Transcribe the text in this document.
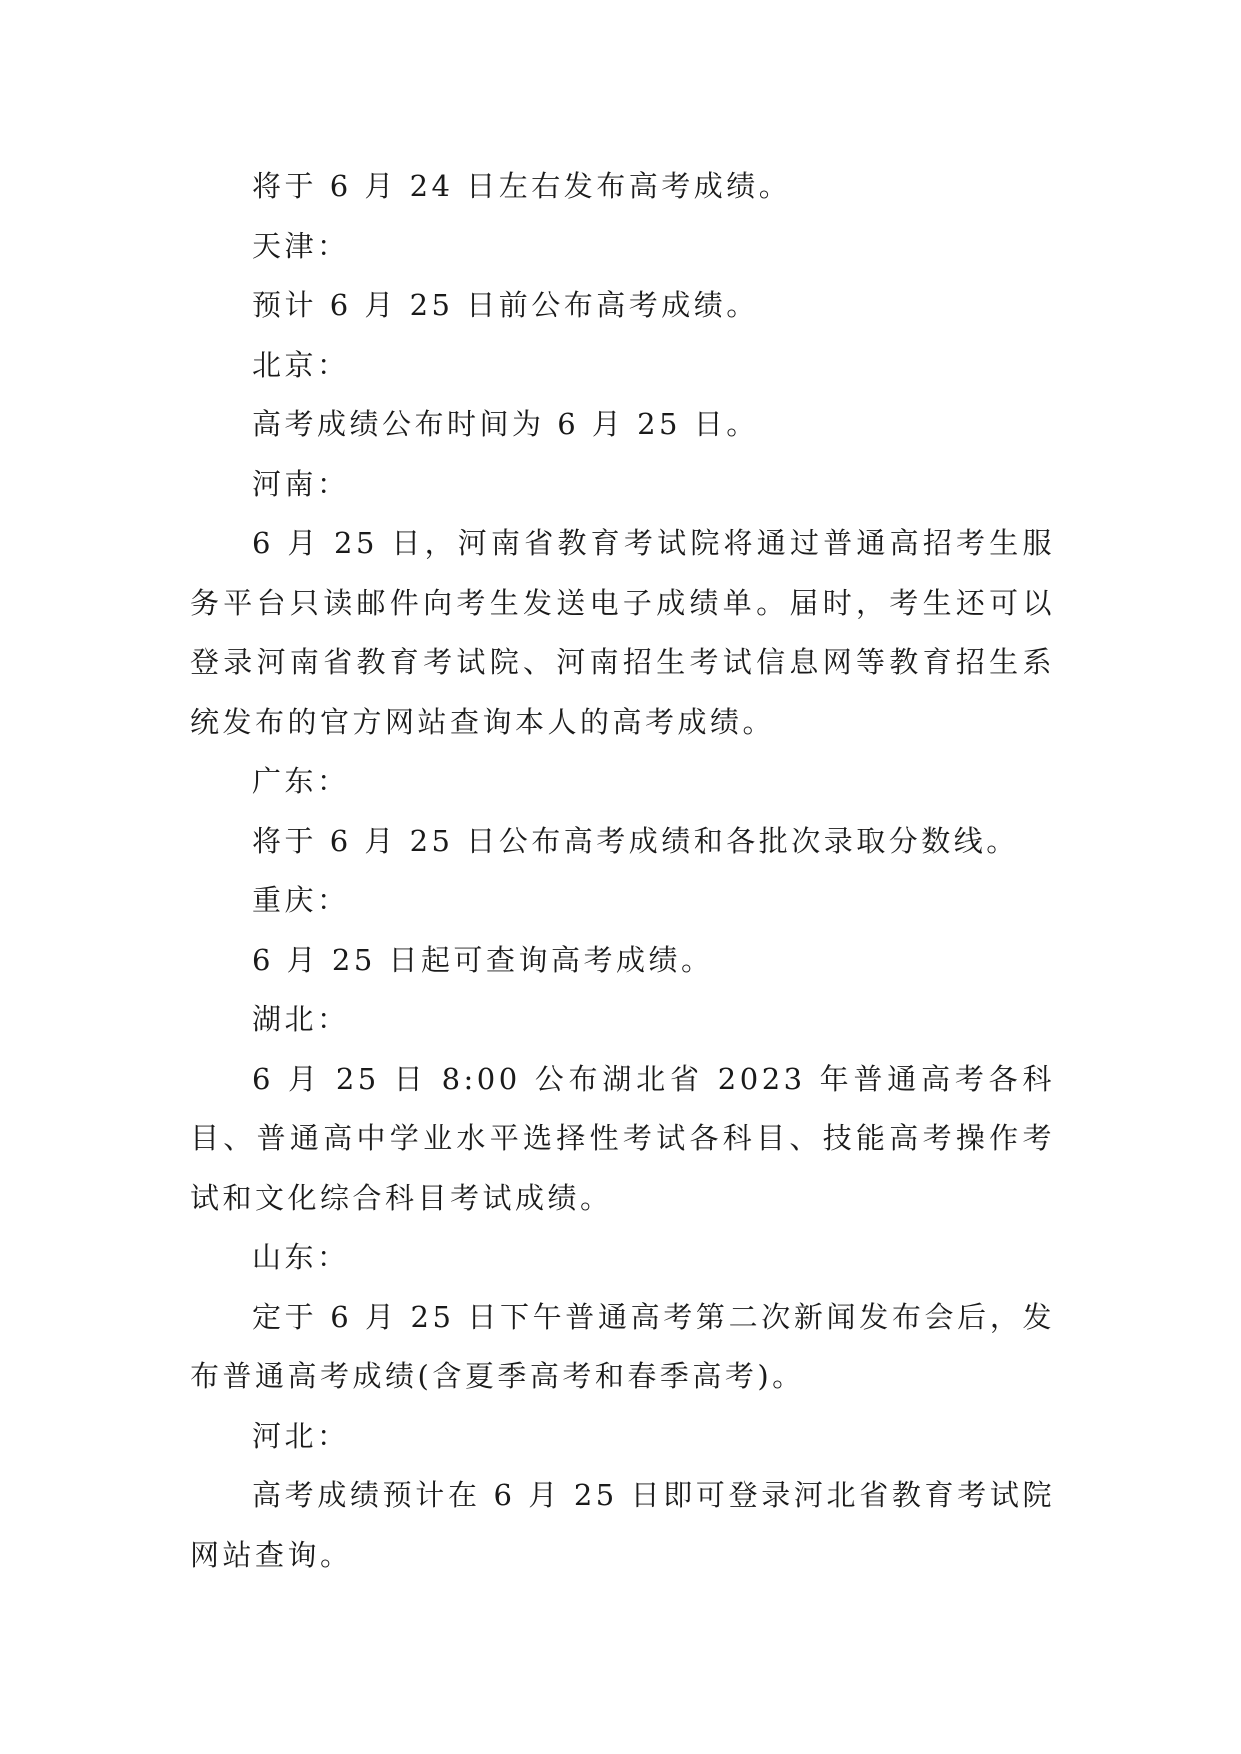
将于 6 月 24 日左右发布高考成绩。

天津：

预计 6 月 25 日前公布高考成绩。

北京：

高考成绩公布时间为 6 月 25 日。

河南：

6 月 25 日，河南省教育考试院将通过普通高招考生服务平台只读邮件向考生发送电子成绩单。届时，考生还可以登录河南省教育考试院、河南招生考试信息网等教育招生系统发布的官方网站查询本人的高考成绩。

广东：

将于 6 月 25 日公布高考成绩和各批次录取分数线。

重庆：

6 月 25 日起可查询高考成绩。

湖北：

6 月 25 日 8:00 公布湖北省 2023 年普通高考各科目、普通高中学业水平选择性考试各科目、技能高考操作考试和文化综合科目考试成绩。

山东：

定于 6 月 25 日下午普通高考第二次新闻发布会后，发布普通高考成绩(含夏季高考和春季高考)。

河北：

高考成绩预计在 6 月 25 日即可登录河北省教育考试院网站查询。
